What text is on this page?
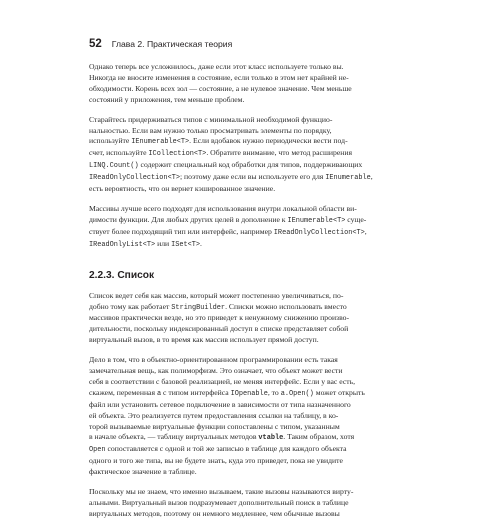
52 Глава 2. Практическая теория

Однако теперь все усложнилось, даже если этот класс используете только вы.
Никогда не вносите изменения в состояние, если только в этом нет крайней не-
обходимости. Корень всех зол — состояние, а не нулевое значение. Чем меньше
состояний у приложения, тем меньше проблем.

Старайтесь придерживаться типов с минимальной необходимой функцио-
нальностью. Если вам нужно только просматривать элементы по порядку,
используйте IEnumerable<T>. Если вдобавок нужно периодически вести под-
счет, используйте ICollection<T>. Обратите внимание, что метод расширения
LINQ.Count() содержит специальный код обработки для типов, поддерживающих
IReadOnlyCollection<T>; поэтому даже если вы используете его для IEnumerable,
есть вероятность, что он вернет кэшированное значение.

Массивы лучше всего подходят для использования внутри локальной области ви-
димости функции. Для любых других целей в дополнение к IEnumerable<T> суще-
ствует более подходящий тип или интерфейс, например IReadOnlyCollection<T>,
IReadOnlyList<T> или ISet<T>.

2.2.3. Список

Список ведет себя как массив, который может постепенно увеличиваться, по-
добно тому как работает StringBuilder. Списки можно использовать вместо
массивов практически везде, но это приведет к ненужному снижению произво-
дительности, поскольку индексированный доступ в списке представляет собой
виртуальный вызов, в то время как массив использует прямой доступ.

Дело в том, что в объектно-ориентированном программировании есть такая
замечательная вещь, как полиморфизм. Это означает, что объект может вести
себя в соответствии с базовой реализацией, не меняя интерфейс. Если у вас есть,
скажем, переменная a с типом интерфейса IOpenable, то a.Open() может открыть
файл или установить сетевое подключение в зависимости от типа назначенного
ей объекта. Это реализуется путем предоставления ссылки на таблицу, в ко-
торой вызываемые виртуальные функции сопоставлены с типом, указанным
в начале объекта, — таблицу виртуальных методов vtable. Таким образом, хотя
Open сопоставляется с одной и той же записью в таблице для каждого объекта
одного и того же типа, вы не будете знать, куда это приведет, пока не увидите
фактическое значение в таблице.

Поскольку мы не знаем, что именно вызываем, такие вызовы называются вирту-
альными. Виртуальный вызов подразумевает дополнительный поиск в таблице
виртуальных методов, поэтому он немного медленнее, чем обычные вызовы
